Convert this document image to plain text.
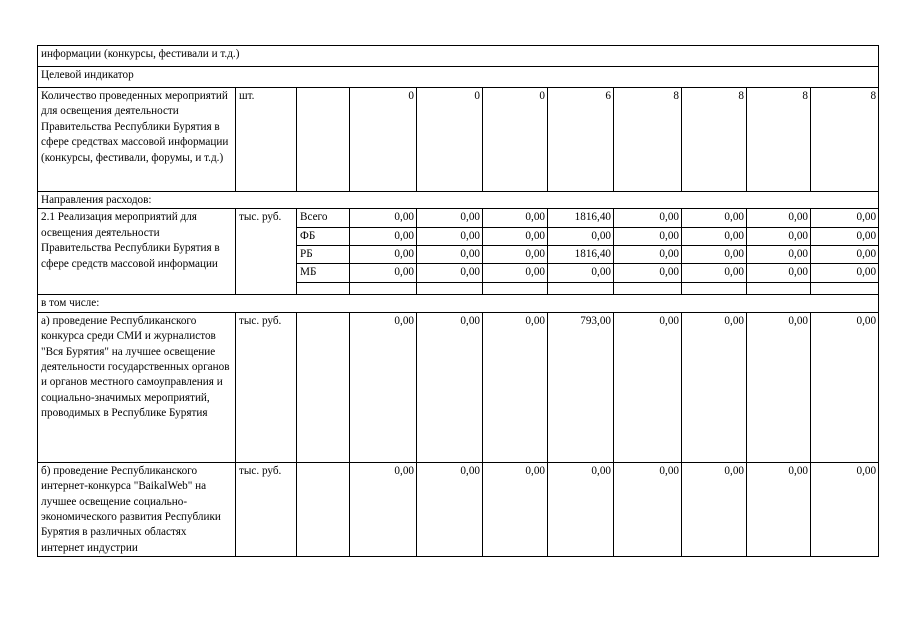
информации (конкурсы, фестивали и т.д.)										
Целевой индикатор										
Количество проведенных мероприятий для освещения деятельности Правительства Республики Бурятия в сфере средствах массовой информации (конкурсы, фестивали, форумы, и т.д.)	шт.		0	0	0	6	8	8	8	8
Направления расходов:										
2.1 Реализация мероприятий для освещения деятельности Правительства Республики Бурятия в сфере средств массовой информации	тыс. руб.	Всего	0,00	0,00	0,00	1816,40	0,00	0,00	0,00	0,00
		ФБ	0,00	0,00	0,00	0,00	0,00	0,00	0,00	0,00
		РБ	0,00	0,00	0,00	1816,40	0,00	0,00	0,00	0,00
		МБ	0,00	0,00	0,00	0,00	0,00	0,00	0,00	0,00

в том числе:										
а) проведение Республиканского конкурса среди СМИ и журналистов "Вся Бурятия" на лучшее освещение деятельности государственных органов и органов местного самоуправления и социально-значимых мероприятий, проводимых в Республике Бурятия	тыс. руб.		0,00	0,00	0,00	793,00	0,00	0,00	0,00	0,00
б) проведение Республиканского интернет-конкурса "BaikalWeb" на лучшее освещение социально-экономического развития Республики Бурятия в различных областях интернет индустрии	тыс. руб.		0,00	0,00	0,00	0,00	0,00	0,00	0,00	0,00
